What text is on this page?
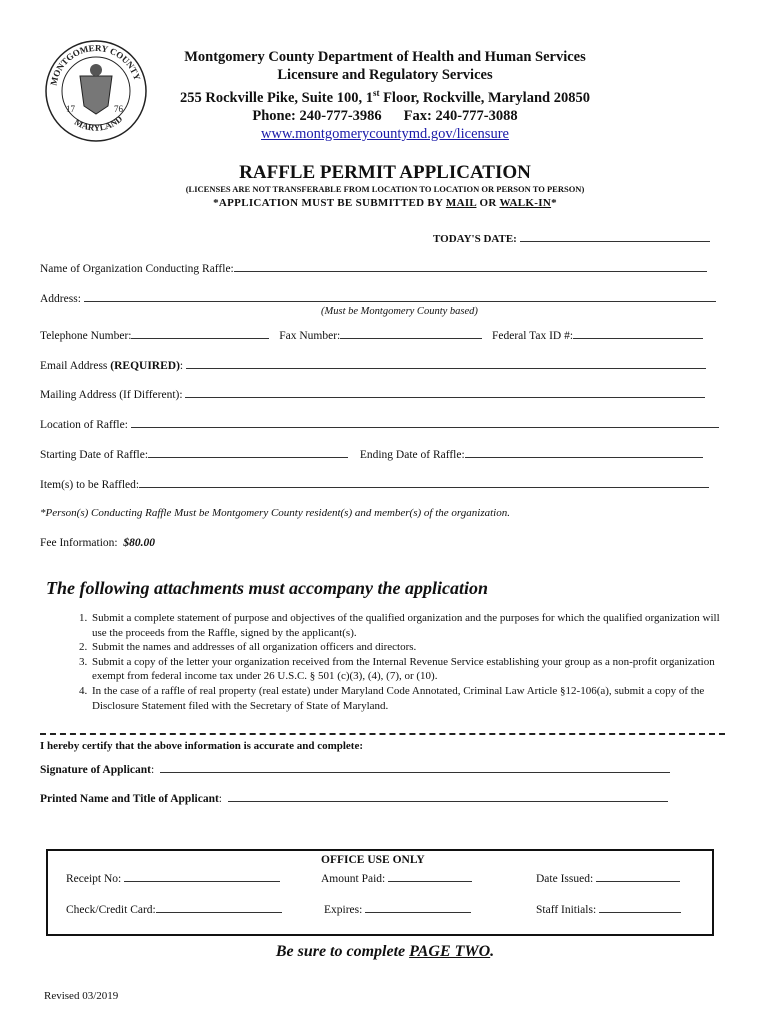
17	76
MONTGOMERY COUNTY
MARYLAND
Montgomery County Department of Health and Human Services
Licensure and Regulatory Services
255 Rockville Pike, Suite 100, 1st Floor, Rockville, Maryland 20850
Phone: 240-777-3986 Fax: 240-777-3088
www.montgomerycountymd.gov/licensure
RAFFLE PERMIT APPLICATION
(LICENSES ARE NOT TRANSFERABLE FROM LOCATION TO LOCATION OR PERSON TO PERSON)
*APPLICATION MUST BE SUBMITTED BY MAIL OR WALK-IN*
TODAY'S DATE:
Name of Organization Conducting Raffle:
Address:
(Must be Montgomery County based)
Telephone Number:	Fax Number:	Federal Tax ID #:
Email Address (REQUIRED):
Mailing Address (If Different):
Location of Raffle:
Starting Date of Raffle:	Ending Date of Raffle:
Item(s) to be Raffled:
*Person(s) Conducting Raffle Must be Montgomery County resident(s) and member(s) of the organization.
Fee Information: $80.00
The following attachments must accompany the application
1. Submit a complete statement of purpose and objectives of the qualified organization and the purposes for which the qualified organization will use the proceeds from the Raffle, signed by the applicant(s).
2. Submit the names and addresses of all organization officers and directors.
3. Submit a copy of the letter your organization received from the Internal Revenue Service establishing your group as a non-profit organization exempt from federal income tax under 26 U.S.C. § 501 (c)(3), (4), (7), or (10).
4. In the case of a raffle of real property (real estate) under Maryland Code Annotated, Criminal Law Article §12-106(a), submit a copy of the Disclosure Statement filed with the Secretary of State of Maryland.
I hereby certify that the above information is accurate and complete:
Signature of Applicant:
Printed Name and Title of Applicant:
OFFICE USE ONLY
Receipt No:	Amount Paid:	Date Issued:
Check/Credit Card:	Expires:	Staff Initials:
Be sure to complete PAGE TWO.
Revised 03/2019
